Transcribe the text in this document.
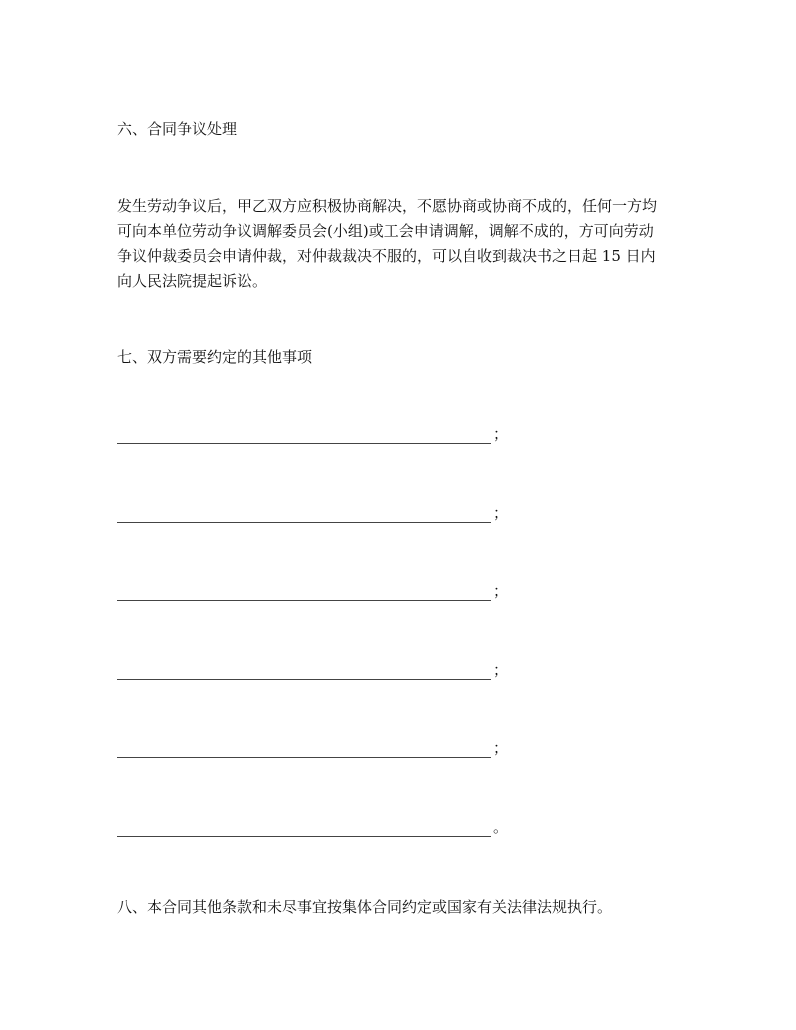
六、合同争议处理
发生劳动争议后，甲乙双方应积极协商解决，不愿协商或协商不成的，任何一方均
可向本单位劳动争议调解委员会(小组)或工会申请调解，调解不成的，方可向劳动
争议仲裁委员会申请仲裁，对仲裁裁决不服的，可以自收到裁决书之日起 15 日内
向人民法院提起诉讼。
七、双方需要约定的其他事项
；
；
；
；
；
。
八、本合同其他条款和未尽事宜按集体合同约定或国家有关法律法规执行。
